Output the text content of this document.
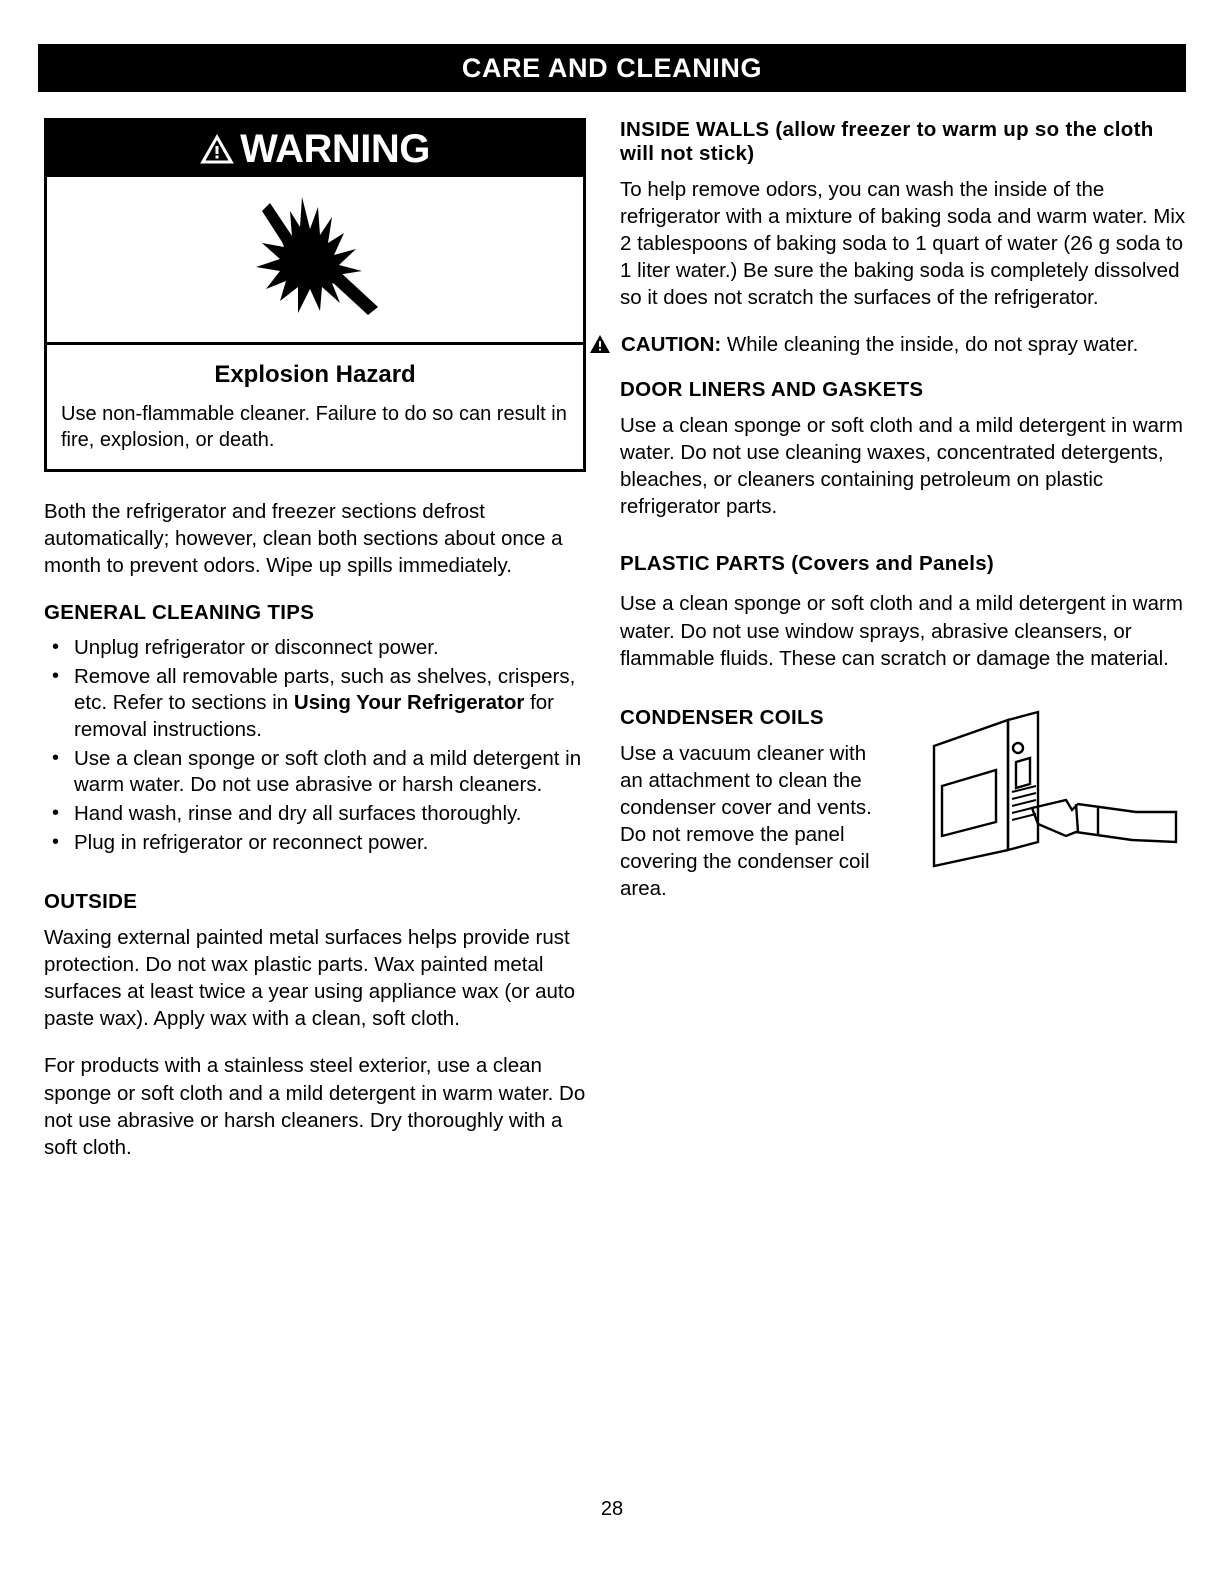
CARE AND CLEANING
WARNING
Explosion Hazard
Use non-flammable cleaner. Failure to do so can result in fire, explosion, or death.

Both the refrigerator and freezer sections defrost automatically; however, clean both sections about once a month to prevent odors. Wipe up spills immediately.

GENERAL CLEANING TIPS
• Unplug refrigerator or disconnect power.
• Remove all removable parts, such as shelves, crispers, etc. Refer to sections in Using Your Refrigerator for removal instructions.
• Use a clean sponge or soft cloth and a mild detergent in warm water. Do not use abrasive or harsh cleaners.
• Hand wash, rinse and dry all surfaces thoroughly.
• Plug in refrigerator or reconnect power.
OUTSIDE

Waxing external painted metal surfaces helps provide rust protection. Do not wax plastic parts. Wax painted metal surfaces at least twice a year using appliance wax (or auto paste wax). Apply wax with a clean, soft cloth.

For products with a stainless steel exterior, use a clean sponge or soft cloth and a mild detergent in warm water. Do not use abrasive or harsh cleaners. Dry thoroughly with a soft cloth.

INSIDE WALLS (allow freezer to warm up so the cloth will not stick)

To help remove odors, you can wash the inside of the refrigerator with a mixture of baking soda and warm water. Mix 2 tablespoons of baking soda to 1 quart of water (26 g soda to 1 liter water.) Be sure the baking soda is completely dissolved so it does not scratch the surfaces of the refrigerator.

CAUTION: While cleaning the inside, do not spray water.

DOOR LINERS AND GASKETS

Use a clean sponge or soft cloth and a mild detergent in warm water. Do not use cleaning waxes, concentrated detergents, bleaches, or cleaners containing petroleum on plastic refrigerator parts.

PLASTIC PARTS (Covers and Panels)

Use a clean sponge or soft cloth and a mild detergent in warm water. Do not use window sprays, abrasive cleansers, or flammable fluids. These can scratch or damage the material.

CONDENSER COILS
Use a vacuum cleaner with an attachment to clean the condenser cover and vents. Do not remove the panel covering the condenser coil area.
28
